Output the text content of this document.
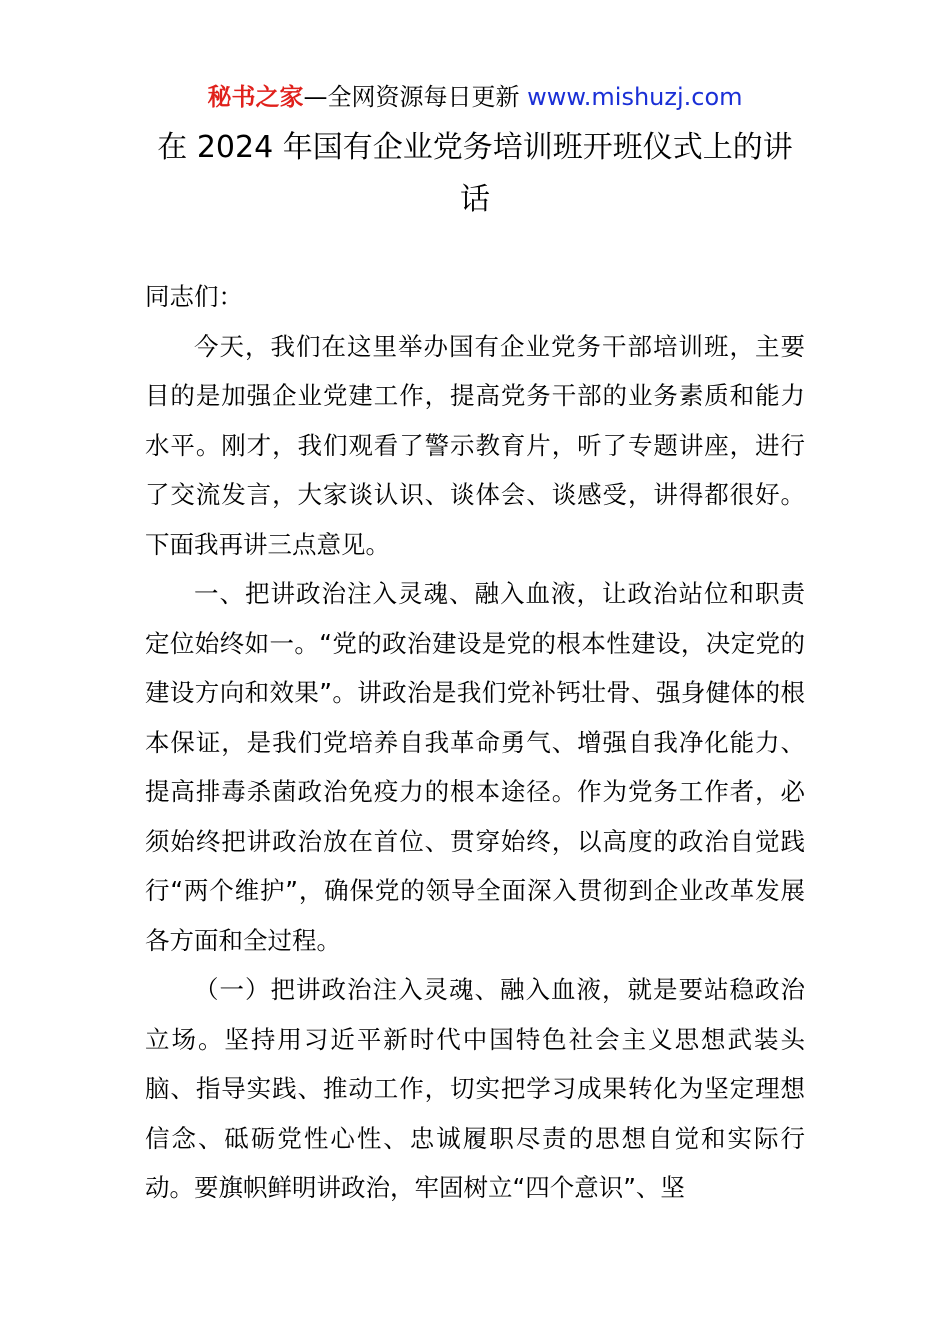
秘书之家—全网资源每日更新 www.mishuzj.com
在 2024 年国有企业党务培训班开班仪式上的讲话

同志们：

今天，我们在这里举办国有企业党务干部培训班，主要目的是加强企业党建工作，提高党务干部的业务素质和能力水平。刚才，我们观看了警示教育片，听了专题讲座，进行了交流发言，大家谈认识、谈体会、谈感受，讲得都很好。下面我再讲三点意见。

一、把讲政治注入灵魂、融入血液，让政治站位和职责定位始终如一。“党的政治建设是党的根本性建设，决定党的建设方向和效果”。讲政治是我们党补钙壮骨、强身健体的根本保证，是我们党培养自我革命勇气、增强自我净化能力、提高排毒杀菌政治免疫力的根本途径。作为党务工作者，必须始终把讲政治放在首位、贯穿始终，以高度的政治自觉践行“两个维护”，确保党的领导全面深入贯彻到企业改革发展各方面和全过程。

（一）把讲政治注入灵魂、融入血液，就是要站稳政治立场。坚持用习近平新时代中国特色社会主义思想武装头脑、指导实践、推动工作，切实把学习成果转化为坚定理想信念、砥砺党性心性、忠诚履职尽责的思想自觉和实际行动。要旗帜鲜明讲政治，牢固树立“四个意识”、坚
